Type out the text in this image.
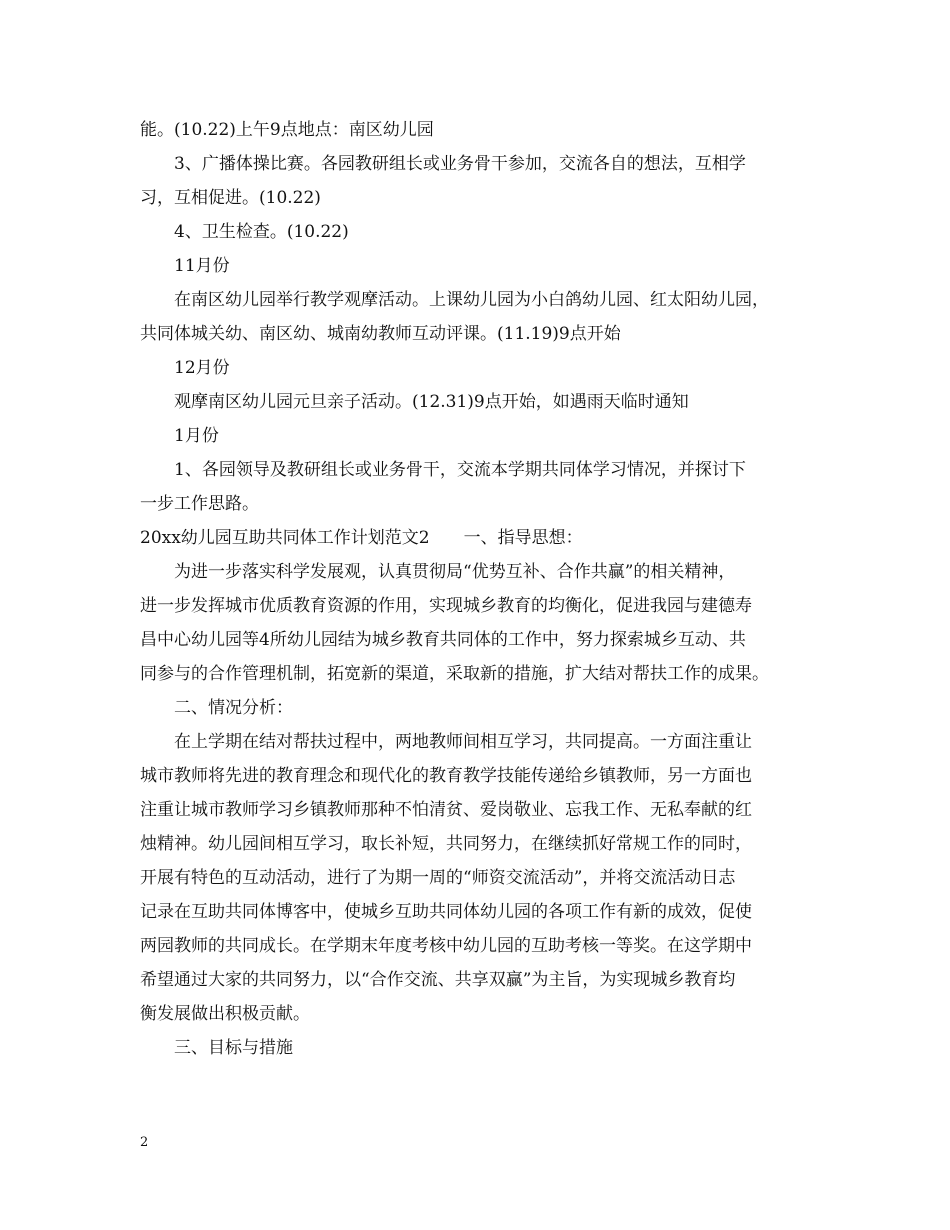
能。(10.22)上午9点地点：南区幼儿园
3、广播体操比赛。各园教研组长或业务骨干参加，交流各自的想法，互相学
习，互相促进。(10.22)
4、卫生检查。(10.22)
11月份
在南区幼儿园举行教学观摩活动。上课幼儿园为小白鸽幼儿园、红太阳幼儿园，
共同体城关幼、南区幼、城南幼教师互动评课。(11.19)9点开始
12月份
观摩南区幼儿园元旦亲子活动。(12.31)9点开始，如遇雨天临时通知
1月份
1、各园领导及教研组长或业务骨干，交流本学期共同体学习情况，并探讨下
一步工作思路。
20xx幼儿园互助共同体工作计划范文2 一、指导思想：
为进一步落实科学发展观，认真贯彻局“优势互补、合作共赢”的相关精神，
进一步发挥城市优质教育资源的作用，实现城乡教育的均衡化，促进我园与建德寿
昌中心幼儿园等4所幼儿园结为城乡教育共同体的工作中，努力探索城乡互动、共
同参与的合作管理机制，拓宽新的渠道，采取新的措施，扩大结对帮扶工作的成果。
二、情况分析：
在上学期在结对帮扶过程中，两地教师间相互学习，共同提高。一方面注重让
城市教师将先进的教育理念和现代化的教育教学技能传递给乡镇教师，另一方面也
注重让城市教师学习乡镇教师那种不怕清贫、爱岗敬业、忘我工作、无私奉献的红
烛精神。幼儿园间相互学习，取长补短，共同努力，在继续抓好常规工作的同时，
开展有特色的互动活动，进行了为期一周的“师资交流活动”，并将交流活动日志
记录在互助共同体博客中，使城乡互助共同体幼儿园的各项工作有新的成效，促使
两园教师的共同成长。在学期末年度考核中幼儿园的互助考核一等奖。在这学期中
希望通过大家的共同努力，以“合作交流、共享双赢”为主旨，为实现城乡教育均
衡发展做出积极贡献。
三、目标与措施
2
